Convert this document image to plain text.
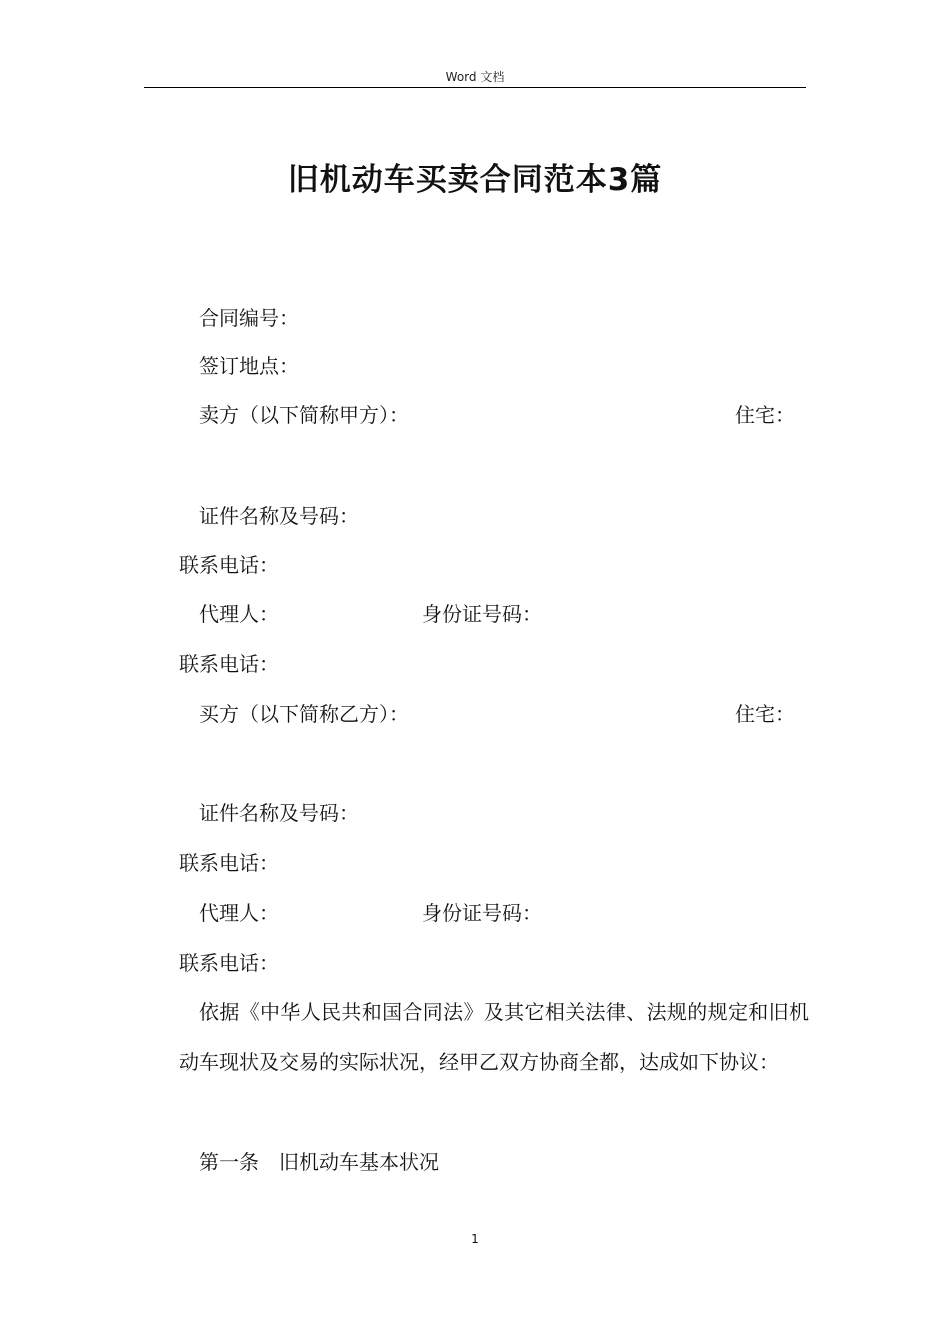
Word 文档
旧机动车买卖合同范本3篇
合同编号：
签订地点：
卖方（以下简称甲方）：	住宅：
证件名称及号码：
联系电话：
代理人：	身份证号码：
联系电话：
买方（以下简称乙方）：	住宅：
证件名称及号码：
联系电话：
代理人：	身份证号码：
联系电话：
依据《中华人民共和国合同法》及其它相关法律、法规的规定和旧机动车现状及交易的实际状况，经甲乙双方协商全都，达成如下协议：
第一条　旧机动车基本状况
1
